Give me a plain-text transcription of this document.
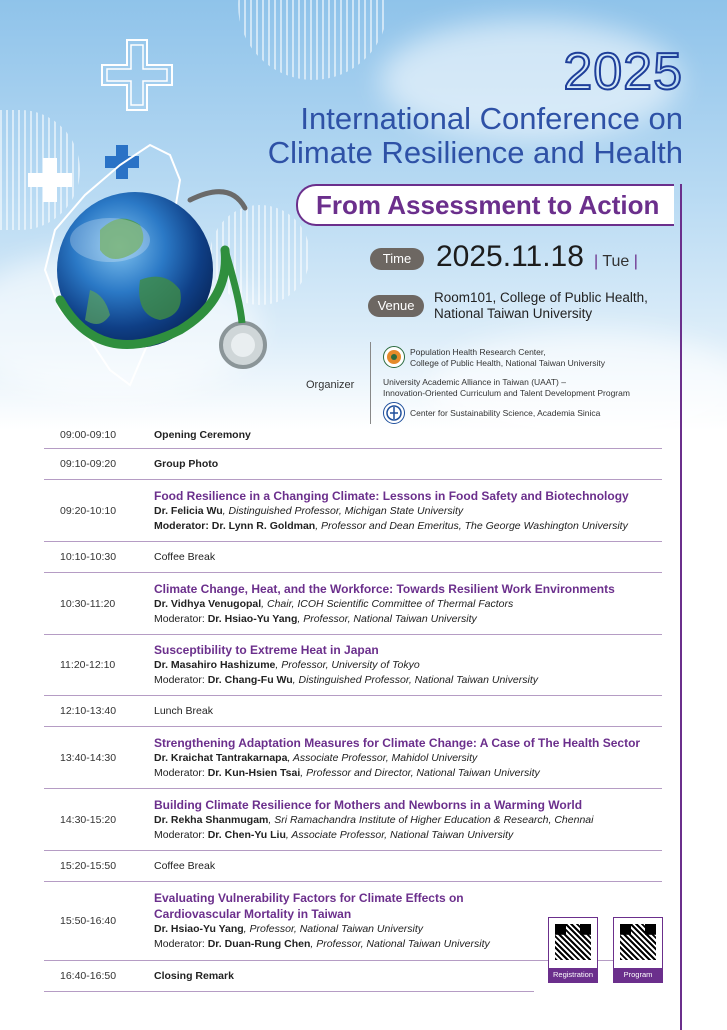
2025
International Conference on
Climate Resilience and Health
From Assessment to Action
Time 2025.11.18 | Tue |
Venue
Room101, College of Public Health,
National Taiwan University
Organizer
Population Health Research Center,
College of Public Health, National Taiwan University
University Academic Alliance in Taiwan (UAAT) –
Innovation-Oriented Curriculum and Talent Development Program
Center for Sustainability Science, Academia Sinica
09:00-09:10	Opening Ceremony
09:10-09:20	Group Photo
09:20-10:10
Food Resilience in a Changing Climate: Lessons in Food Safety and Biotechnology
Dr. Felicia Wu, Distinguished Professor, Michigan State University
Moderator: Dr. Lynn R. Goldman, Professor and Dean Emeritus, The George Washington University
10:10-10:30	Coffee Break
10:30-11:20
Climate Change, Heat, and the Workforce: Towards Resilient Work Environments
Dr. Vidhya Venugopal, Chair, ICOH Scientific Committee of Thermal Factors
Moderator: Dr. Hsiao-Yu Yang, Professor, National Taiwan University
11:20-12:10
Susceptibility to Extreme Heat in Japan
Dr. Masahiro Hashizume, Professor, University of Tokyo
Moderator: Dr. Chang-Fu Wu, Distinguished Professor, National Taiwan University
12:10-13:40	Lunch Break
13:40-14:30
Strengthening Adaptation Measures for Climate Change: A Case of The Health Sector
Dr. Kraichat Tantrakarnapa, Associate Professor, Mahidol University
Moderator: Dr. Kun-Hsien Tsai, Professor and Director, National Taiwan University
14:30-15:20
Building Climate Resilience for Mothers and Newborns in a Warming World
Dr. Rekha Shanmugam, Sri Ramachandra Institute of Higher Education & Research, Chennai
Moderator: Dr. Chen-Yu Liu, Associate Professor, National Taiwan University
15:20-15:50	Coffee Break
15:50-16:40
Evaluating Vulnerability Factors for Climate Effects on Cardiovascular Mortality in Taiwan
Dr. Hsiao-Yu Yang, Professor, National Taiwan University
Moderator: Dr. Duan-Rung Chen, Professor, National Taiwan University
16:40-16:50	Closing Remark	Registration	Program
